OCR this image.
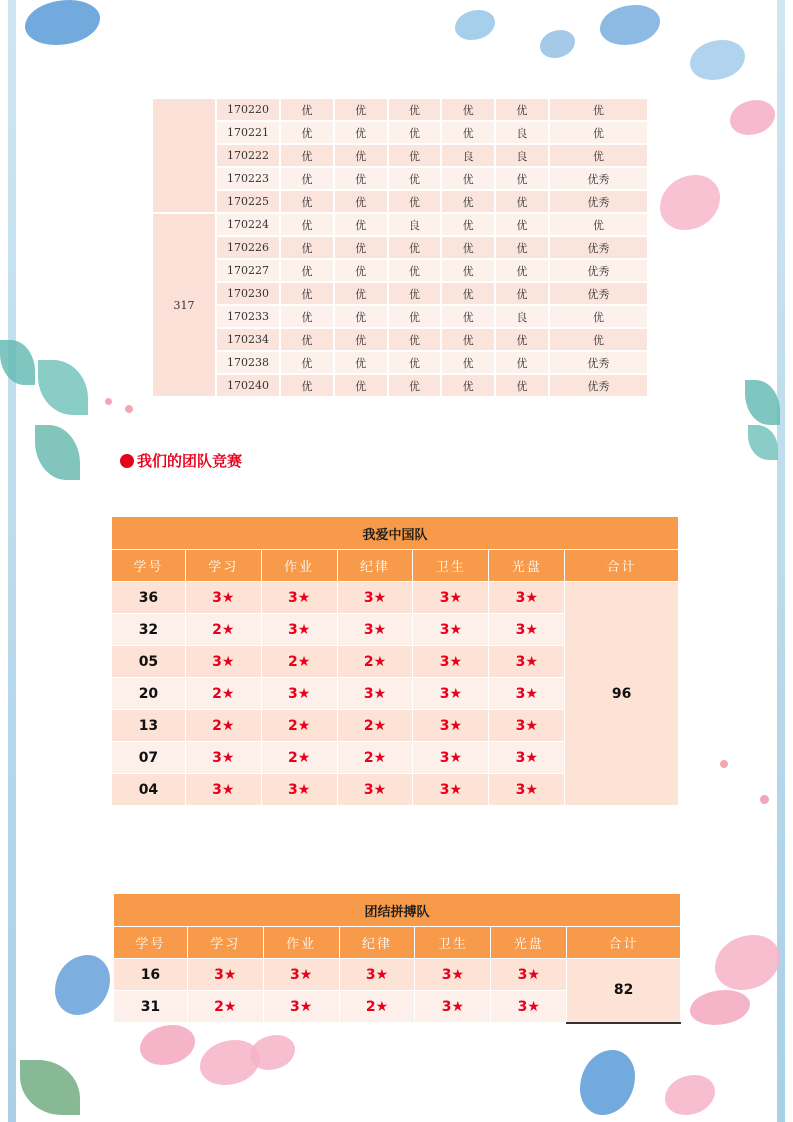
	170220	优	优	优	优	优	优
	170221	优	优	优	优	良	优
	170222	优	优	优	良	良	优
	170223	优	优	优	优	优	优秀
	170225	优	优	优	优	优	优秀
317	170224	优	优	良	优	优	优
	170226	优	优	优	优	优	优秀
	170227	优	优	优	优	优	优秀
	170230	优	优	优	优	优	优秀
	170233	优	优	优	优	良	优
	170234	优	优	优	优	优	优
	170238	优	优	优	优	优	优秀
	170240	优	优	优	优	优	优秀
我们的团队竞赛
我爱中国队						
学号	学习	作业	纪律	卫生	光盘	合计
36	3★	3★	3★	3★	3★	96
32	2★	3★	3★	3★	3★	
05	3★	2★	2★	3★	3★	
20	2★	3★	3★	3★	3★	
13	2★	2★	2★	3★	3★	
07	3★	2★	2★	3★	3★	
04	3★	3★	3★	3★	3★	
团结拼搏队						
学号	学习	作业	纪律	卫生	光盘	合计
16	3★	3★	3★	3★	3★	82
31	2★	3★	2★	3★	3★	
